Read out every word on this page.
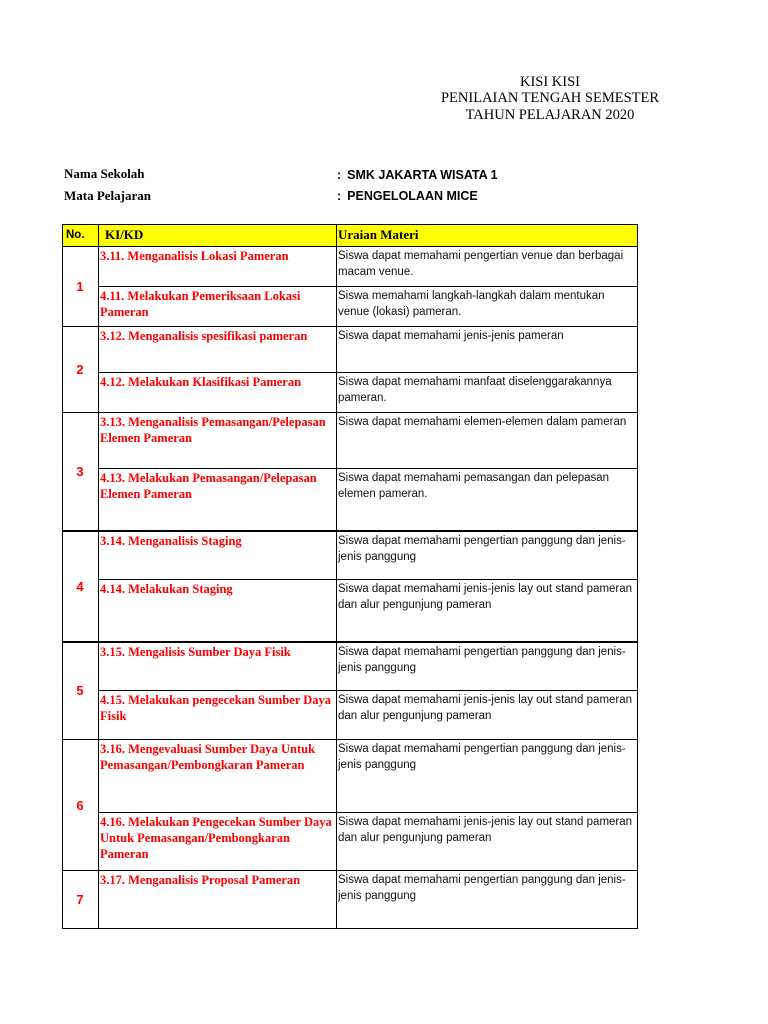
KISI KISI
PENILAIAN TENGAH SEMESTER
TAHUN PELAJARAN 2020
Nama Sekolah	: SMK JAKARTA WISATA 1
Mata Pelajaran	: PENGELOLAAN MICE
No.	KI/KD	Uraian Materi
1	3.11. Menganalisis Lokasi Pameran	Siswa dapat memahami pengertian venue dan berbagai macam venue.
	4.11. Melakukan Pemeriksaan Lokasi Pameran	Siswa memahami langkah-langkah dalam mentukan venue (lokasi) pameran.
2	3.12. Menganalisis spesifikasi pameran	Siswa dapat memahami jenis-jenis pameran
	4.12. Melakukan Klasifikasi Pameran	Siswa dapat memahami manfaat diselenggarakannya pameran.
3	3.13. Menganalisis Pemasangan/Pelepasan Elemen Pameran	Siswa dapat memahami elemen-elemen dalam pameran
	4.13. Melakukan Pemasangan/Pelepasan Elemen Pameran	Siswa dapat memahami pemasangan dan pelepasan elemen pameran.
4	3.14. Menganalisis Staging	Siswa dapat memahami pengertian panggung dan jenis-jenis panggung
	4.14. Melakukan Staging	Siswa dapat memahami jenis-jenis lay out stand pameran dan alur pengunjung pameran
5	3.15. Mengalisis Sumber Daya Fisik	Siswa dapat memahami pengertian panggung dan jenis-jenis panggung
	4.15. Melakukan pengecekan Sumber Daya Fisik	Siswa dapat memahami jenis-jenis lay out stand pameran dan alur pengunjung pameran
6	3.16. Mengevaluasi Sumber Daya Untuk Pemasangan/Pembongkaran Pameran	Siswa dapat memahami pengertian panggung dan jenis-jenis panggung
	4.16. Melakukan Pengecekan Sumber Daya Untuk Pemasangan/Pembongkaran Pameran	Siswa dapat memahami jenis-jenis lay out stand pameran dan alur pengunjung pameran
7	3.17. Menganalisis Proposal Pameran	Siswa dapat memahami pengertian panggung dan jenis-jenis panggung
